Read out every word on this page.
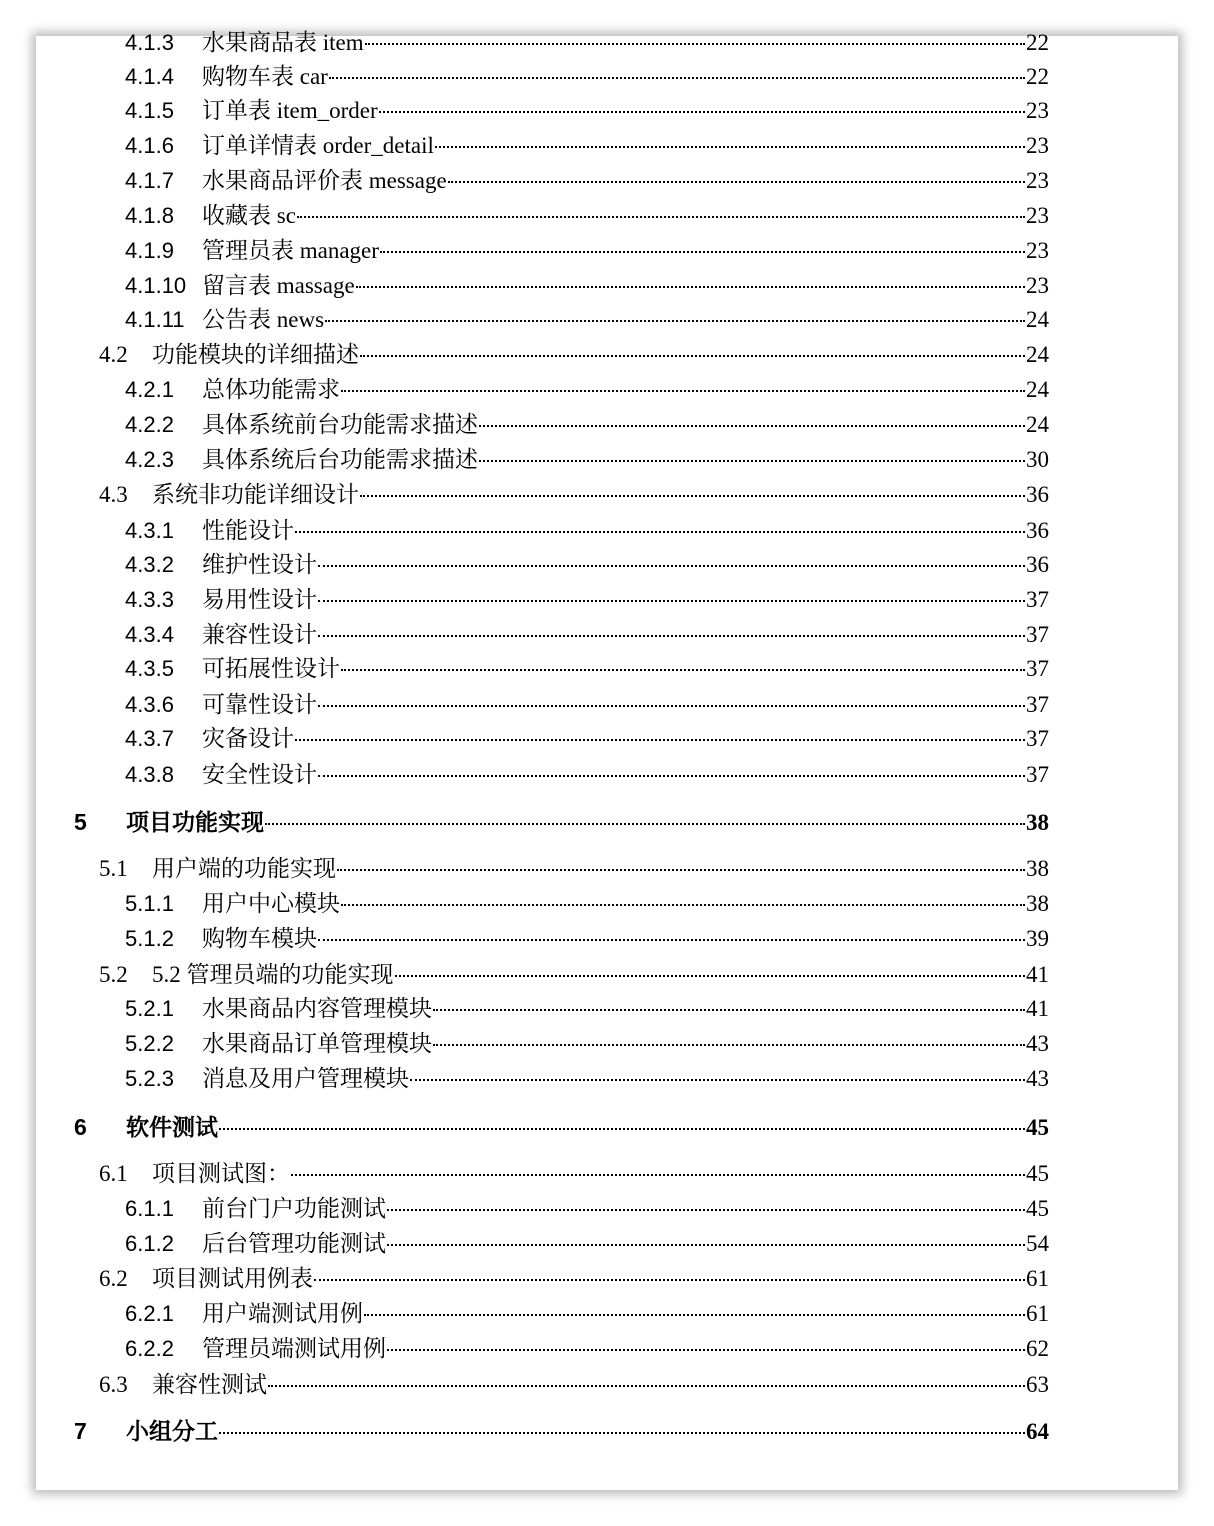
4.1.3	水果商品表 item	22
4.1.4	购物车表 car	22
4.1.5	订单表 item_order	23
4.1.6	订单详情表 order_detail	23
4.1.7	水果商品评价表 message	23
4.1.8	收藏表 sc	23
4.1.9	管理员表 manager	23
4.1.10 留言表 massage	23
4.1.11 公告表 news	24
4.2	功能模块的详细描述	24
4.2.1	总体功能需求	24
4.2.2	具体系统前台功能需求描述	24
4.2.3	具体系统后台功能需求描述	30
4.3	系统非功能详细设计	36
4.3.1	性能设计	36
4.3.2	维护性设计	36
4.3.3	易用性设计	37
4.3.4	兼容性设计	37
4.3.5	可拓展性设计	37
4.3.6	可靠性设计	37
4.3.7	灾备设计	37
4.3.8	安全性设计	37
5	项目功能实现	38
5.1	用户端的功能实现	38
5.1.1	用户中心模块	38
5.1.2	购物车模块	39
5.2	5.2 管理员端的功能实现	41
5.2.1	水果商品内容管理模块	41
5.2.2	水果商品订单管理模块	43
5.2.3	消息及用户管理模块	43
6	软件测试	45
6.1	项目测试图：	45
6.1.1	前台门户功能测试	45
6.1.2	后台管理功能测试	54
6.2	项目测试用例表	61
6.2.1	用户端测试用例	61
6.2.2	管理员端测试用例	62
6.3	兼容性测试	63
7	小组分工	64
